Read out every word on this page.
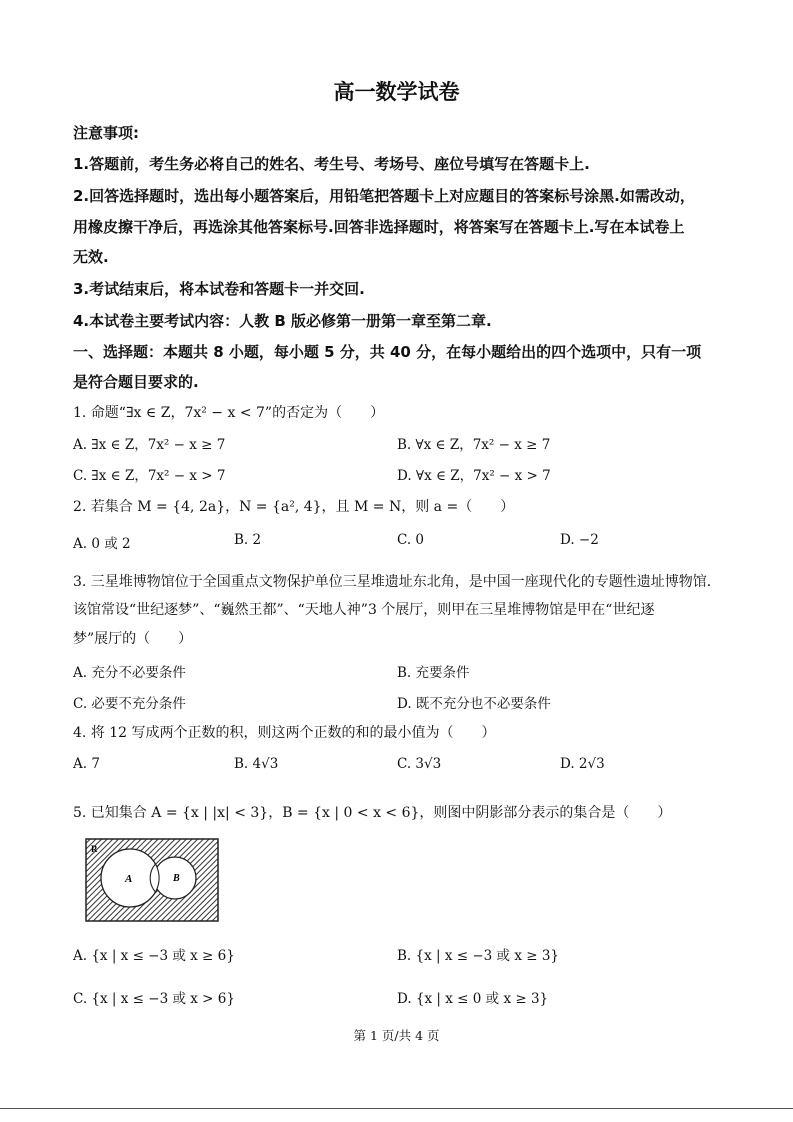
高一数学试卷
注意事项:
1.答题前，考生务必将自己的姓名、考生号、考场号、座位号填写在答题卡上.
2.回答选择题时，选出每小题答案后，用铅笔把答题卡上对应题目的答案标号涂黑.如需改动，
用橡皮擦干净后，再选涂其他答案标号.回答非选择题时，将答案写在答题卡上.写在本试卷上
无效.
3.考试结束后，将本试卷和答题卡一并交回.
4.本试卷主要考试内容：人教 B 版必修第一册第一章至第二章.
一、选择题：本题共 8 小题，每小题 5 分，共 40 分，在每小题给出的四个选项中，只有一项
是符合题目要求的.
1. 命题“∃x ∈ Z，7x² − x < 7”的否定为（　　）
A. ∃x ∈ Z，7x² − x ≥ 7	B. ∀x ∈ Z，7x² − x ≥ 7
C. ∃x ∈ Z，7x² − x > 7	D. ∀x ∈ Z，7x² − x > 7
2. 若集合 M = {4, 2a}，N = {a², 4}，且 M = N，则 a =（　　）
A. 0 或 2	B. 2	C. 0	D. −2
3. 三星堆博物馆位于全国重点文物保护单位三星堆遗址东北角，是中国一座现代化的专题性遗址博物馆.
该馆常设“世纪逐梦”、“巍然王都”、“天地人神”3 个展厅，则甲在三星堆博物馆是甲在“世纪逐
梦”展厅的（　　）
A. 充分不必要条件	B. 充要条件
C. 必要不充分条件	D. 既不充分也不必要条件
4. 将 12 写成两个正数的积，则这两个正数的和的最小值为（　　）
A. 7	B. 4√3	C. 3√3	D. 2√3
5. 已知集合 A = {x | |x| < 3}，B = {x | 0 < x < 6}，则图中阴影部分表示的集合是（　　）
R
A	B
A. {x | x ≤ −3 或 x ≥ 6}	B. {x | x ≤ −3 或 x ≥ 3}
C. {x | x ≤ −3 或 x > 6}	D. {x | x ≤ 0 或 x ≥ 3}
第 1 页/共 4 页
